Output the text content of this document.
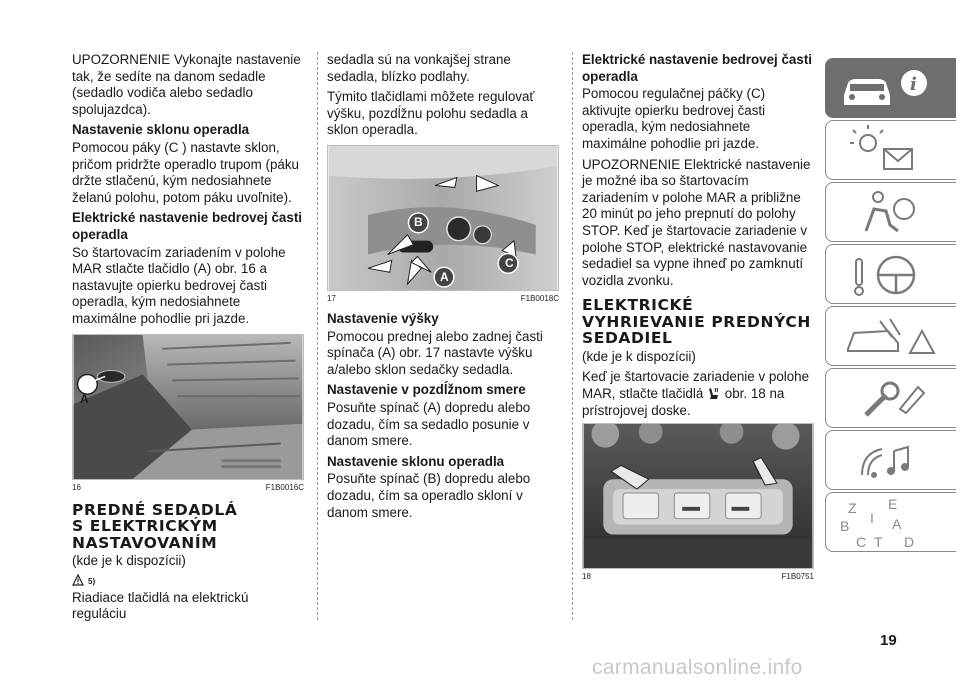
UPOZORNENIE Vykonajte nastavenie tak, že sedíte na danom sedadle (sedadlo vodiča alebo sedadlo spolujazdca).

Nastavenie sklonu operadla

Pomocou páky (C ) nastavte sklon, pričom pridržte operadlo trupom (páku držte stlačenú, kým nedosiahnete želanú polohu, potom páku uvoľnite).

Elektrické nastavenie bedrovej časti operadla

So štartovacím zariadením v polohe MAR stlačte tlačidlo (A) obr. 16 a nastavujte opierku bedrovej časti operadla, kým nedosiahnete maximálne pohodlie pri jazde.

A
16	F1B0016C
PREDNÉ SEDADLÁ
S ELEKTRICKÝM
NASTAVOVANÍM

(kde je k dispozícii)

5)

Riadiace tlačidlá na elektrickú reguláciu

sedadla sú na vonkajšej strane sedadla, blízko podlahy.

Týmito tlačidlami môžete regulovať výšku, pozdĺžnu polohu sedadla a sklon operadla.

B
A
C
17	F1B0018C
Nastavenie výšky

Pomocou prednej alebo zadnej časti spínača (A) obr. 17 nastavte výšku a/alebo sklon sedačky sedadla.

Nastavenie v pozdĺžnom smere

Posuňte spínač (A) dopredu alebo dozadu, čím sa sedadlo posunie v danom smere.

Nastavenie sklonu operadla

Posuňte spínač (B) dopredu alebo dozadu, čím sa operadlo skloní v danom smere.

Elektrické nastavenie bedrovej časti operadla

Pomocou regulačnej páčky (C) aktivujte opierku bedrovej časti operadla, kým nedosiahnete maximálne pohodlie pri jazde.

UPOZORNENIE Elektrické nastavenie je možné iba so štartovacím zariadením v polohe MAR a približne 20 minút po jeho prepnutí do polohy STOP. Keď je štartovacie zariadenie v polohe STOP, elektrické nastavovanie sedadiel sa vypne ihneď po zamknutí vozidla zvonku.

ELEKTRICKÉ
VYHRIEVANIE PREDNÝCH
SEDADIEL

(kde je k dispozícii)

Keď je štartovacie zariadenie v polohe MAR, stlačte tlačidlá obr. 18 na prístrojovej doske.

18	F1B0751
i
Z E
B	A
C	D
I
T
19
carmanualsonline.info
